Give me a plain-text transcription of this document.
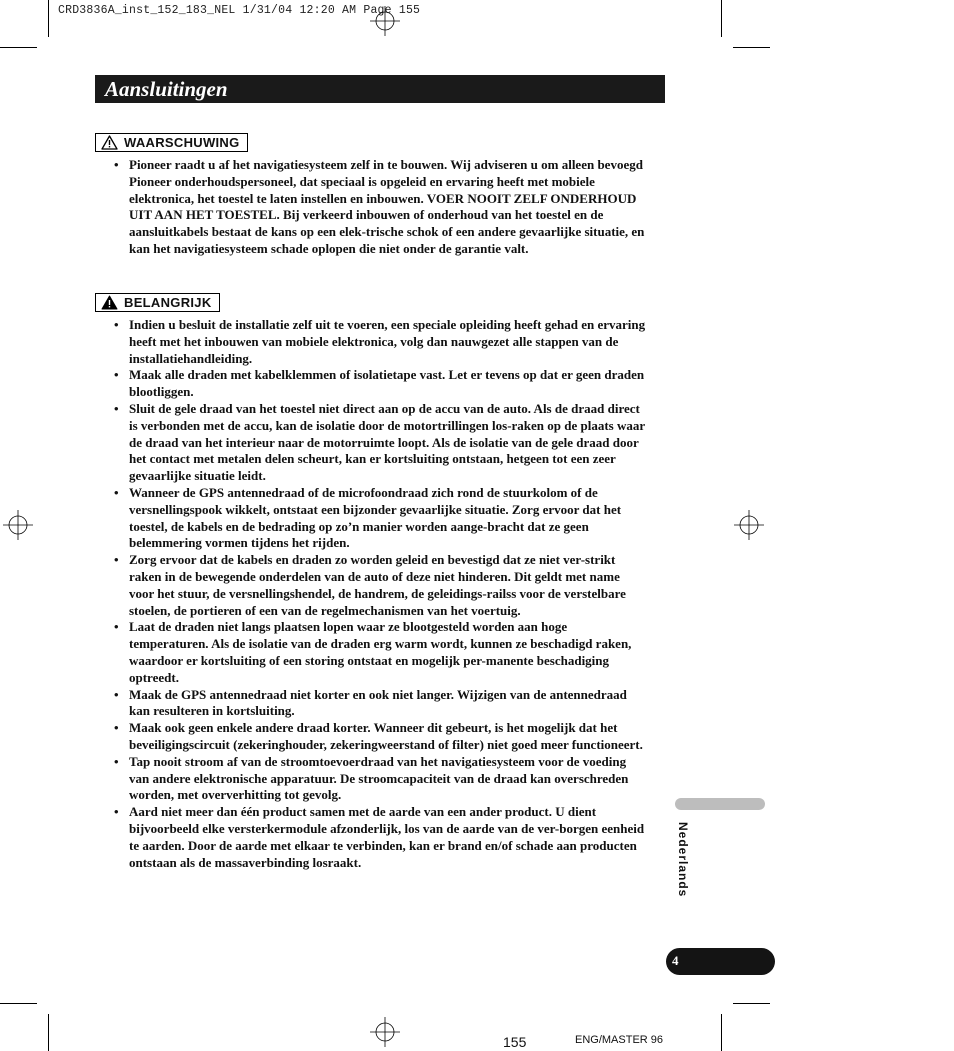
CRD3836A_inst_152_183_NEL 1/31/04 12:20 AM Page 155
Aansluitingen
WAARSCHUWING
• Pioneer raadt u af het navigatiesysteem zelf in te bouwen. Wij adviseren u om alleen bevoegd Pioneer onderhoudspersoneel, dat speciaal is opgeleid en ervaring heeft met mobiele elektronica, het toestel te laten instellen en inbouwen. VOER NOOIT ZELF ONDERHOUD UIT AAN HET TOESTEL. Bij verkeerd inbouwen of onderhoud van het toestel en de aansluitkabels bestaat de kans op een elek-trische schok of een andere gevaarlijke situatie, en kan het navigatiesysteem schade oplopen die niet onder de garantie valt.
BELANGRIJK
• Indien u besluit de installatie zelf uit te voeren, een speciale opleiding heeft gehad en ervaring heeft met het inbouwen van mobiele elektronica, volg dan nauwgezet alle stappen van de installatiehandleiding.
• Maak alle draden met kabelklemmen of isolatietape vast. Let er tevens op dat er geen draden blootliggen.
• Sluit de gele draad van het toestel niet direct aan op de accu van de auto. Als de draad direct is verbonden met de accu, kan de isolatie door de motortrillingen los-raken op de plaats waar de draad van het interieur naar de motorruimte loopt. Als de isolatie van de gele draad door het contact met metalen delen scheurt, kan er kortsluiting ontstaan, hetgeen tot een zeer gevaarlijke situatie leidt.
• Wanneer de GPS antennedraad of de microfoondraad zich rond de stuurkolom of de versnellingspook wikkelt, ontstaat een bijzonder gevaarlijke situatie. Zorg ervoor dat het toestel, de kabels en de bedrading op zo’n manier worden aange-bracht dat ze geen belemmering vormen tijdens het rijden.
• Zorg ervoor dat de kabels en draden zo worden geleid en bevestigd dat ze niet ver-strikt raken in de bewegende onderdelen van de auto of deze niet hinderen. Dit geldt met name voor het stuur, de versnellingshendel, de handrem, de geleidings-railss voor de verstelbare stoelen, de portieren of een van de regelmechanismen van het voertuig.
• Laat de draden niet langs plaatsen lopen waar ze blootgesteld worden aan hoge temperaturen. Als de isolatie van de draden erg warm wordt, kunnen ze beschadigd raken, waardoor er kortsluiting of een storing ontstaat en mogelijk per-manente beschadiging optreedt.
• Maak de GPS antennedraad niet korter en ook niet langer. Wijzigen van de antennedraad kan resulteren in kortsluiting.
• Maak ook geen enkele andere draad korter. Wanneer dit gebeurt, is het mogelijk dat het beveiligingscircuit (zekeringhouder, zekeringweerstand of filter) niet goed meer functioneert.
• Tap nooit stroom af van de stroomtoevoerdraad van het navigatiesysteem voor de voeding van andere elektronische apparatuur. De stroomcapaciteit van de draad kan overschreden worden, met oververhitting tot gevolg.
• Aard niet meer dan één product samen met de aarde van een ander product. U dient bijvoorbeeld elke versterkermodule afzonderlijk, los van de aarde van de ver-borgen eenheid te aarden. Door de aarde met elkaar te verbinden, kan er brand en/of schade aan producten ontstaan als de massaverbinding losraakt.	Nederlands
4
155	ENG/MASTER 96
